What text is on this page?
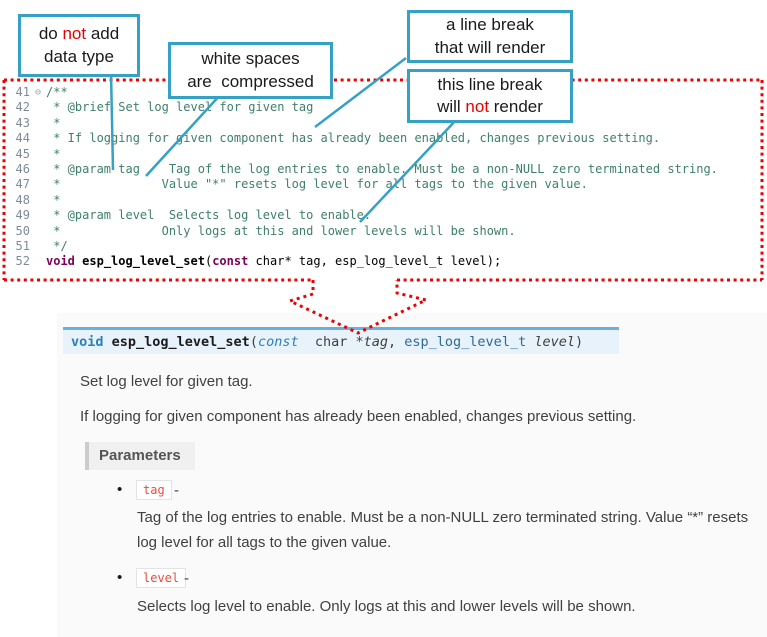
41 ⊖ /**
42 * @brief Set log level for given tag
43 *
44 * If logging for given component has already been enabled, changes previous setting.
45 *
46 * @param tag    Tag of the log entries to enable. Must be a non-NULL zero terminated string.
47 *              Value "*" resets log level for all tags to the given value.
48 *
49 * @param level  Selects log level to enable.
50 *              Only logs at this and lower levels will be shown.
51 */
52 void esp_log_level_set(const char* tag, esp_log_level_t level);
void esp_log_level_set ( const char * tag , esp_log_level_t
level )
Set log level for given tag.
If logging for given component has already been enabled, changes previous setting.
Parameters
•	tag -
Tag of the log entries to enable. Must be a non-NULL zero terminated string. Value “*” resets log level for all tags to the given value.
•	level -
Selects log level to enable. Only logs at this and lower levels will be shown.
do not add
data type	white spaces
are  compressed
a line break
that will render
this line break
will not render
